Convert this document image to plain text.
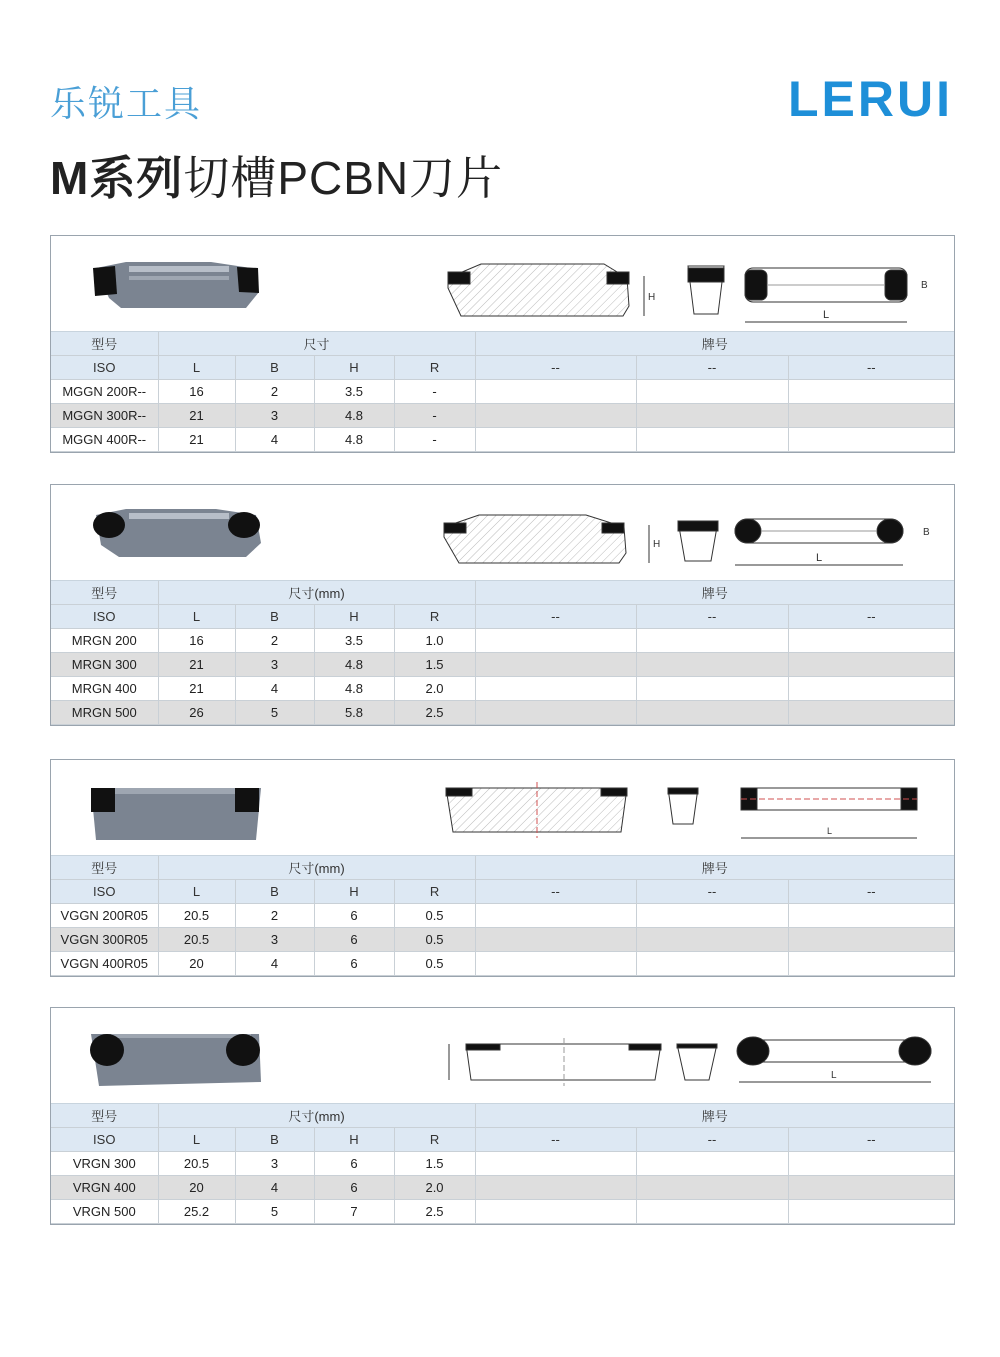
乐锐工具	LERUI
M系列切槽PCBN刀片
H
L
B
型号	尺寸				牌号		
ISO	L	B	H	R	--	--	--
MGGN 200R--	16	2	3.5	-			
MGGN 300R--	21	3	4.8	-			
MGGN 400R--	21	4	4.8	-			
H
L
B
型号	尺寸(mm)				牌号		
ISO	L	B	H	R	--	--	--
MRGN 200	16	2	3.5	1.0			
MRGN 300	21	3	4.8	1.5			
MRGN 400	21	4	4.8	2.0			
MRGN 500	26	5	5.8	2.5			
L
型号	尺寸(mm)				牌号		
ISO	L	B	H	R	--	--	--
VGGN 200R05	20.5	2	6	0.5			
VGGN 300R05	20.5	3	6	0.5			
VGGN 400R05	20	4	6	0.5			
L
型号	尺寸(mm)				牌号		
ISO	L	B	H	R	--	--	--
VRGN 300	20.5	3	6	1.5			
VRGN 400	20	4	6	2.0			
VRGN 500	25.2	5	7	2.5			
